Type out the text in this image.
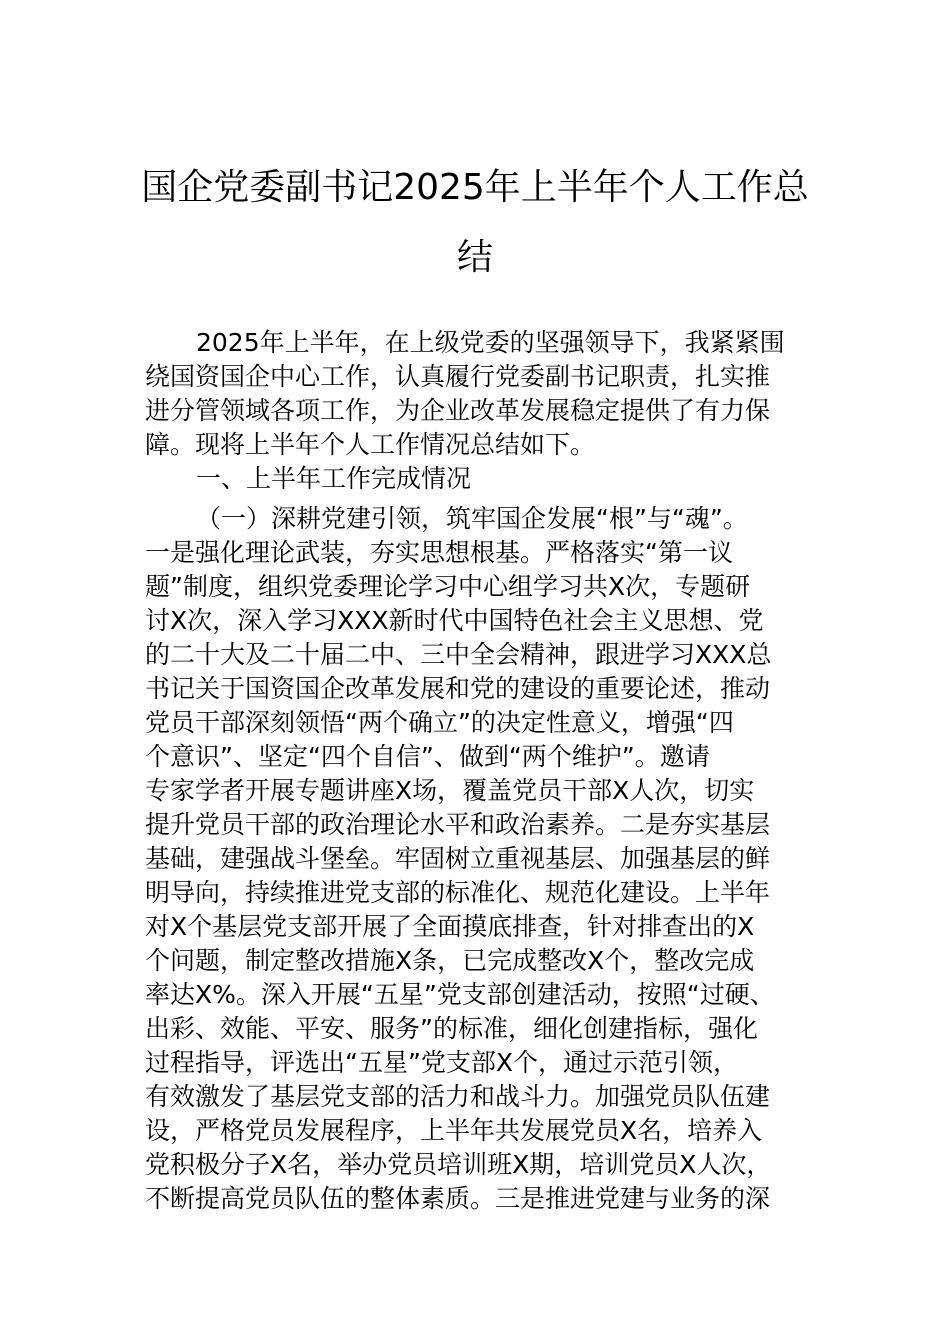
国企党委副书记2025年上半年个人工作总
结

2025年上半年，在上级党委的坚强领导下，我紧紧围

绕国资国企中心工作，认真履行党委副书记职责，扎实推

进分管领域各项工作，为企业改革发展稳定提供了有力保

障。现将上半年个人工作情况总结如下。

一、上半年工作完成情况

（一）深耕党建引领，筑牢国企发展“根”与“魂”。

一是强化理论武装，夯实思想根基。严格落实“第一议

题”制度，组织党委理论学习中心组学习共X次，专题研

讨X次，深入学习XXX新时代中国特色社会主义思想、党

的二十大及二十届二中、三中全会精神，跟进学习XXX总

书记关于国资国企改革发展和党的建设的重要论述，推动

党员干部深刻领悟“两个确立”的决定性意义，增强“四

个意识”、坚定“四个自信”、做到“两个维护”。邀请

专家学者开展专题讲座X场，覆盖党员干部X人次，切实

提升党员干部的政治理论水平和政治素养。二是夯实基层

基础，建强战斗堡垒。牢固树立重视基层、加强基层的鲜

明导向，持续推进党支部的标准化、规范化建设。上半年

对X个基层党支部开展了全面摸底排查，针对排查出的X

个问题，制定整改措施X条，已完成整改X个，整改完成

率达X%。深入开展“五星”党支部创建活动，按照“过硬、

出彩、效能、平安、服务”的标准，细化创建指标，强化

过程指导，评选出“五星”党支部X个，通过示范引领，

有效激发了基层党支部的活力和战斗力。加强党员队伍建

设，严格党员发展程序，上半年共发展党员X名，培养入

党积极分子X名，举办党员培训班X期，培训党员X人次，

不断提高党员队伍的整体素质。三是推进党建与业务的深
